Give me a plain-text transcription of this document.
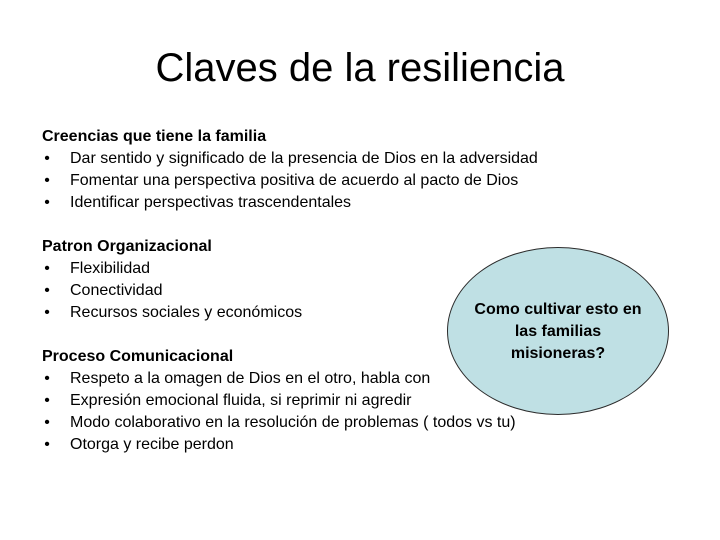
Claves de la resiliencia
Creencias que tiene la familia
• Dar sentido y significado de la presencia de Dios en la adversidad
• Fomentar una perspectiva positiva de acuerdo al pacto de Dios
• Identificar perspectivas trascendentales
Patron Organizacional
• Flexibilidad
• Conectividad
• Recursos sociales y económicos
Proceso Comunicacional
• Respeto a la omagen de Dios en el otro, habla con
• Expresión emocional fluida, si reprimir ni agredir
• Modo colaborativo en la resolución de problemas ( todos vs tu)
• Otorga y recibe perdon
Como cultivar esto en las familias misioneras?
